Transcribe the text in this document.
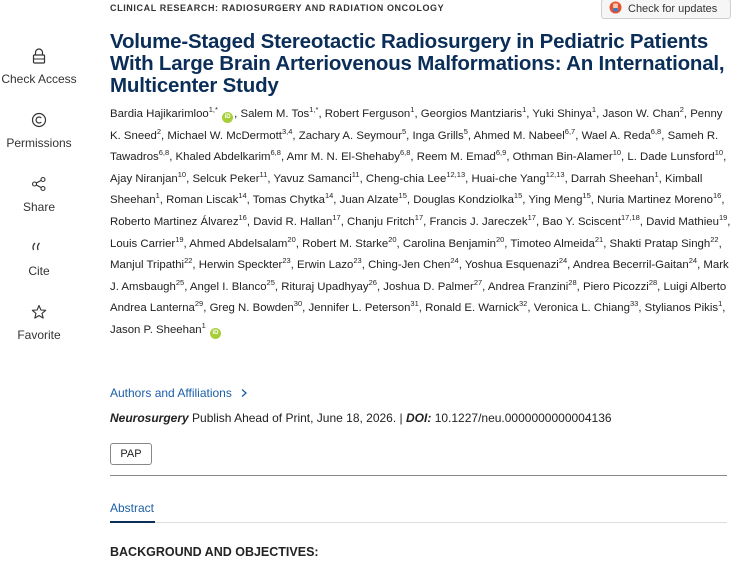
Check Access
Permissions
Share
Cite
Favorite
CLINICAL RESEARCH: RADIOSURGERY AND RADIATION ONCOLOGY	Check for updates
Volume-Staged Stereotactic Radiosurgery in Pediatric Patients With Large Brain Arteriovenous Malformations: An International, Multicenter Study
Bardia Hajikarimloo$^{1,*}$ iD , Salem M. Tos$^{1,*}$, Robert Ferguson$^1$, Georgios Mantziaris$^1$, Yuki Shinya$^1$, Jason W. Chan$^2$, Penny K. Sneed$^2$, Michael W. McDermott$^{3,4}$, Zachary A. Seymour$^5$, Inga Grills$^5$, Ahmed M. Nabeel$^{6,7}$, Wael A. Reda$^{6,8}$, Sameh R. Tawadros$^{6,8}$, Khaled Abdelkarim$^{6,8}$, Amr M. N. El-Shehaby$^{6,8}$, Reem M. Emad$^{6,9}$, Othman Bin-Alamer$^{10}$, L. Dade Lunsford$^{10}$, Ajay Niranjan$^{10}$, Selcuk Peker$^{11}$, Yavuz Samanci$^{11}$, Cheng-chia Lee$^{12,13}$, Huai-che Yang$^{12,13}$, Darrah Sheehan$^1$, Kimball Sheehan$^1$, Roman Liscak$^{14}$, Tomas Chytka$^{14}$, Juan Alzate$^{15}$, Douglas Kondziolka$^{15}$, Ying Meng$^{15}$, Nuria Martinez Moreno$^{16}$, Roberto Martinez Álvarez$^{16}$, David R. Hallan$^{17}$, Chanju Fritch$^{17}$, Francis J. Jareczek$^{17}$, Bao Y. Sciscent$^{17,18}$, David Mathieu$^{19}$, Louis Carrier$^{19}$, Ahmed Abdelsalam$^{20}$, Robert M. Starke$^{20}$, Carolina Benjamin$^{20}$, Timoteo Almeida$^{21}$, Shakti Pratap Singh$^{22}$, Manjul Tripathi$^{22}$, Herwin Speckter$^{23}$, Erwin Lazo$^{23}$, Ching-Jen Chen$^{24}$, Yoshua Esquenazi$^{24}$, Andrea Becerril-Gaitan$^{24}$, Mark J. Amsbaugh$^{25}$, Angel I. Blanco$^{25}$, Rituraj Upadhyay$^{26}$, Joshua D. Palmer$^{27}$, Andrea Franzini$^{28}$, Piero Picozzi$^{28}$, Luigi Alberto Andrea Lanterna$^{29}$, Greg N. Bowden$^{30}$, Jennifer L. Peterson$^{31}$, Ronald E. Warnick$^{32}$, Veronica L. Chiang$^{33}$, Stylianos Pikis$^1$, Jason P. Sheehan$^1$ iD
Authors and Affiliations
Neurosurgery Publish Ahead of Print, June 18, 2026. | DOI: 10.1227/neu.0000000000004136
PAP
Abstract
BACKGROUND AND OBJECTIVES:
